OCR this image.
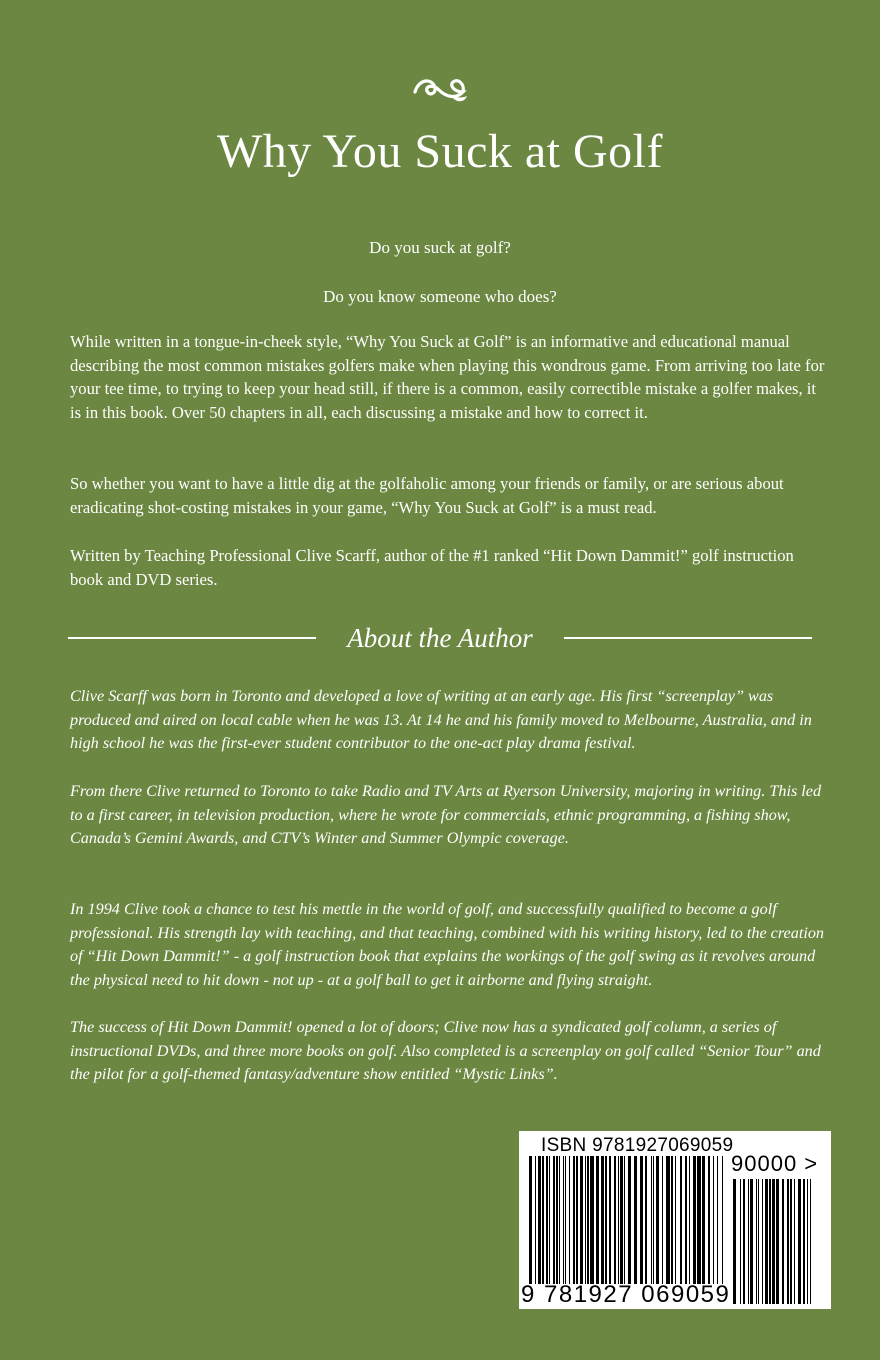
Why You Suck at Golf
Do you suck at golf?
Do you know someone who does?

While written in a tongue-in-cheek style, “Why You Suck at Golf” is an informative and educational manual describing the most common mistakes golfers make when playing this wondrous game. From arriving too late for your tee time, to trying to keep your head still, if there is a common, easily correctible mistake a golfer makes, it is in this book. Over 50 chapters in all, each discussing a mistake and how to correct it.

So whether you want to have a little dig at the golfaholic among your friends or family, or are serious about eradicating shot-costing mistakes in your game, “Why You Suck at Golf” is a must read.

Written by Teaching Professional Clive Scarff, author of the #1 ranked “Hit Down Dammit!” golf instruction book and DVD series.

About the Author

Clive Scarff was born in Toronto and developed a love of writing at an early age. His first “screenplay” was produced and aired on local cable when he was 13. At 14 he and his family moved to Melbourne, Australia, and in high school he was the first-ever student contributor to the one-act play drama festival.

From there Clive returned to Toronto to take Radio and TV Arts at Ryerson University, majoring in writing. This led to a first career, in television production, where he wrote for commercials, ethnic programming, a fishing show, Canada’s Gemini Awards, and CTV’s Winter and Summer Olympic coverage.

In 1994 Clive took a chance to test his mettle in the world of golf, and successfully qualified to become a golf professional. His strength lay with teaching, and that teaching, combined with his writing history, led to the creation of “Hit Down Dammit!” - a golf instruction book that explains the workings of the golf swing as it revolves around the physical need to hit down - not up - at a golf ball to get it airborne and flying straight.

The success of Hit Down Dammit! opened a lot of doors; Clive now has a syndicated golf column, a series of instructional DVDs, and three more books on golf. Also completed is a screenplay on golf called “Senior Tour” and the pilot for a golf-themed fantasy/adventure show entitled “Mystic Links”.

ISBN 9781927069059
9 781927 069059
90000 >
